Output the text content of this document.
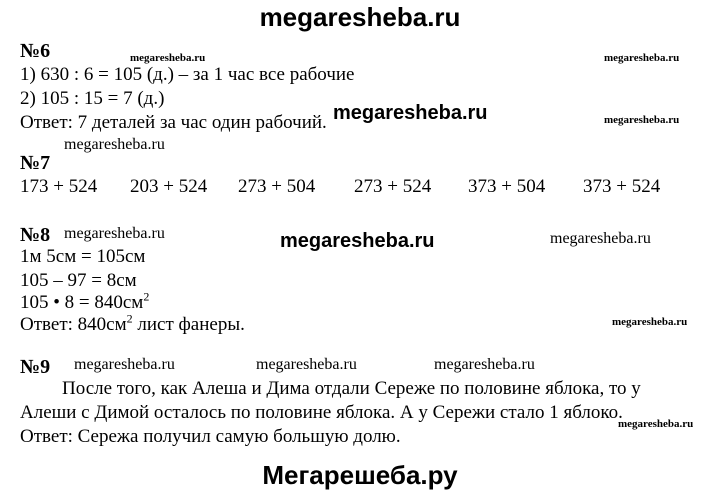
megaresheba.ru
Мегарешеба.ру
№6
1) 630 : 6 = 105 (д.) – за 1 час все рабочие
2) 105 : 15 = 7 (д.)
Ответ: 7 деталей за час один рабочий.
№7
173 + 524 203 + 524 273 + 504 273 + 524 373 + 504 373 + 524
№8
1м 5см = 105см
105 – 97 = 8см
105 • $8 = 840см^2$
Ответ: $840см^2$ лист фанеры.
№9
После того, как Алеша и Дима отдали Сереже по половине яблока, то у
Алеши с Димой осталось по половине яблока. А у Сережи стало 1 яблоко.
Ответ: Сережа получил самую большую долю.
megaresheba.ru	megaresheba.ru
megaresheba.ru	megaresheba.ru
megaresheba.ru
megaresheba.ru	megaresheba.ru	megaresheba.ru
megaresheba.ru
megaresheba.ru	megaresheba.ru	megaresheba.ru
megaresheba.ru
